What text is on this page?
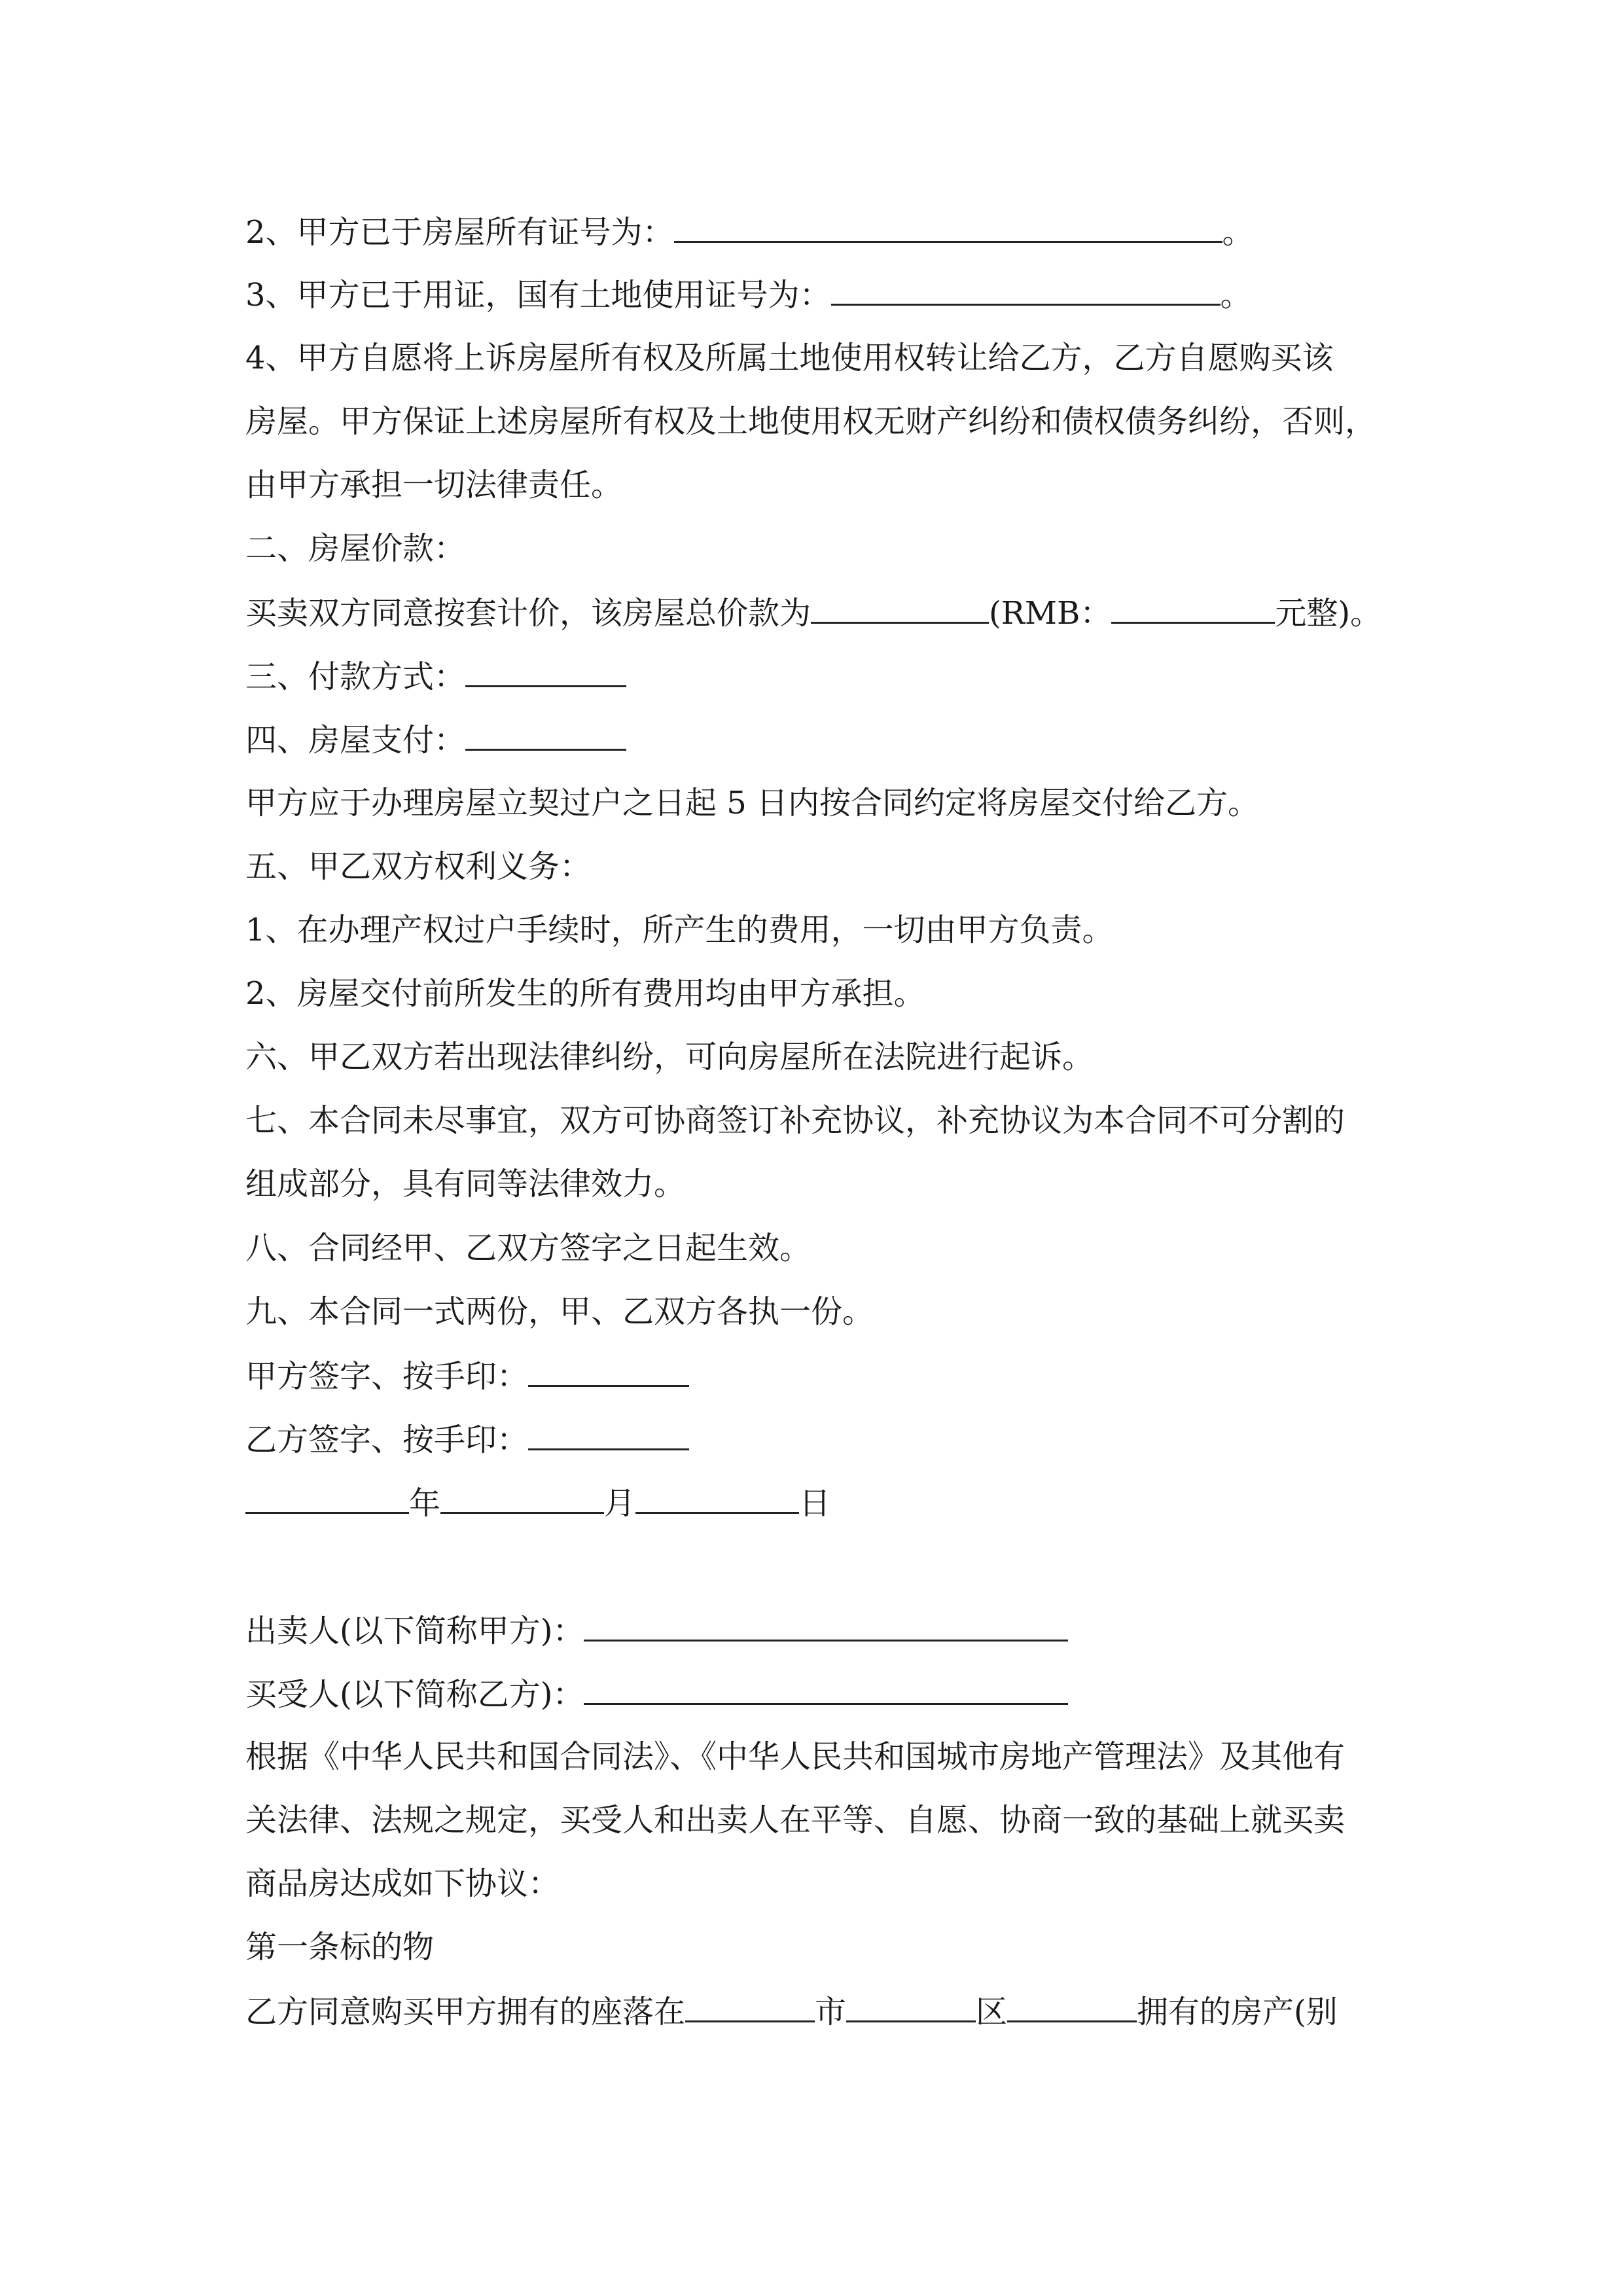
2、甲方已于房屋所有证号为：	。
3、甲方已于用证，国有土地使用证号为：	。
4、甲方自愿将上诉房屋所有权及所属土地使用权转让给乙方，乙方自愿购买该
房屋。甲方保证上述房屋所有权及土地使用权无财产纠纷和债权债务纠纷，否则，
由甲方承担一切法律责任。
二、房屋价款：
买卖双方同意按套计价，该房屋总价款为	(RMB：	元整)。
三、付款方式：
四、房屋支付：
甲方应于办理房屋立契过户之日起 5 日内按合同约定将房屋交付给乙方。
五、甲乙双方权利义务：
1、在办理产权过户手续时，所产生的费用，一切由甲方负责。
2、房屋交付前所发生的所有费用均由甲方承担。
六、甲乙双方若出现法律纠纷，可向房屋所在法院进行起诉。
七、本合同未尽事宜，双方可协商签订补充协议，补充协议为本合同不可分割的
组成部分，具有同等法律效力。
八、合同经甲、乙双方签字之日起生效。
九、本合同一式两份，甲、乙双方各执一份。
甲方签字、按手印：
乙方签字、按手印：
年	月	日
出卖人(以下简称甲方)：
买受人(以下简称乙方)：
根据《中华人民共和国合同法》、《中华人民共和国城市房地产管理法》及其他有
关法律、法规之规定，买受人和出卖人在平等、自愿、协商一致的基础上就买卖
商品房达成如下协议：
第一条标的物
乙方同意购买甲方拥有的座落在	市	区	拥有的房产(别
